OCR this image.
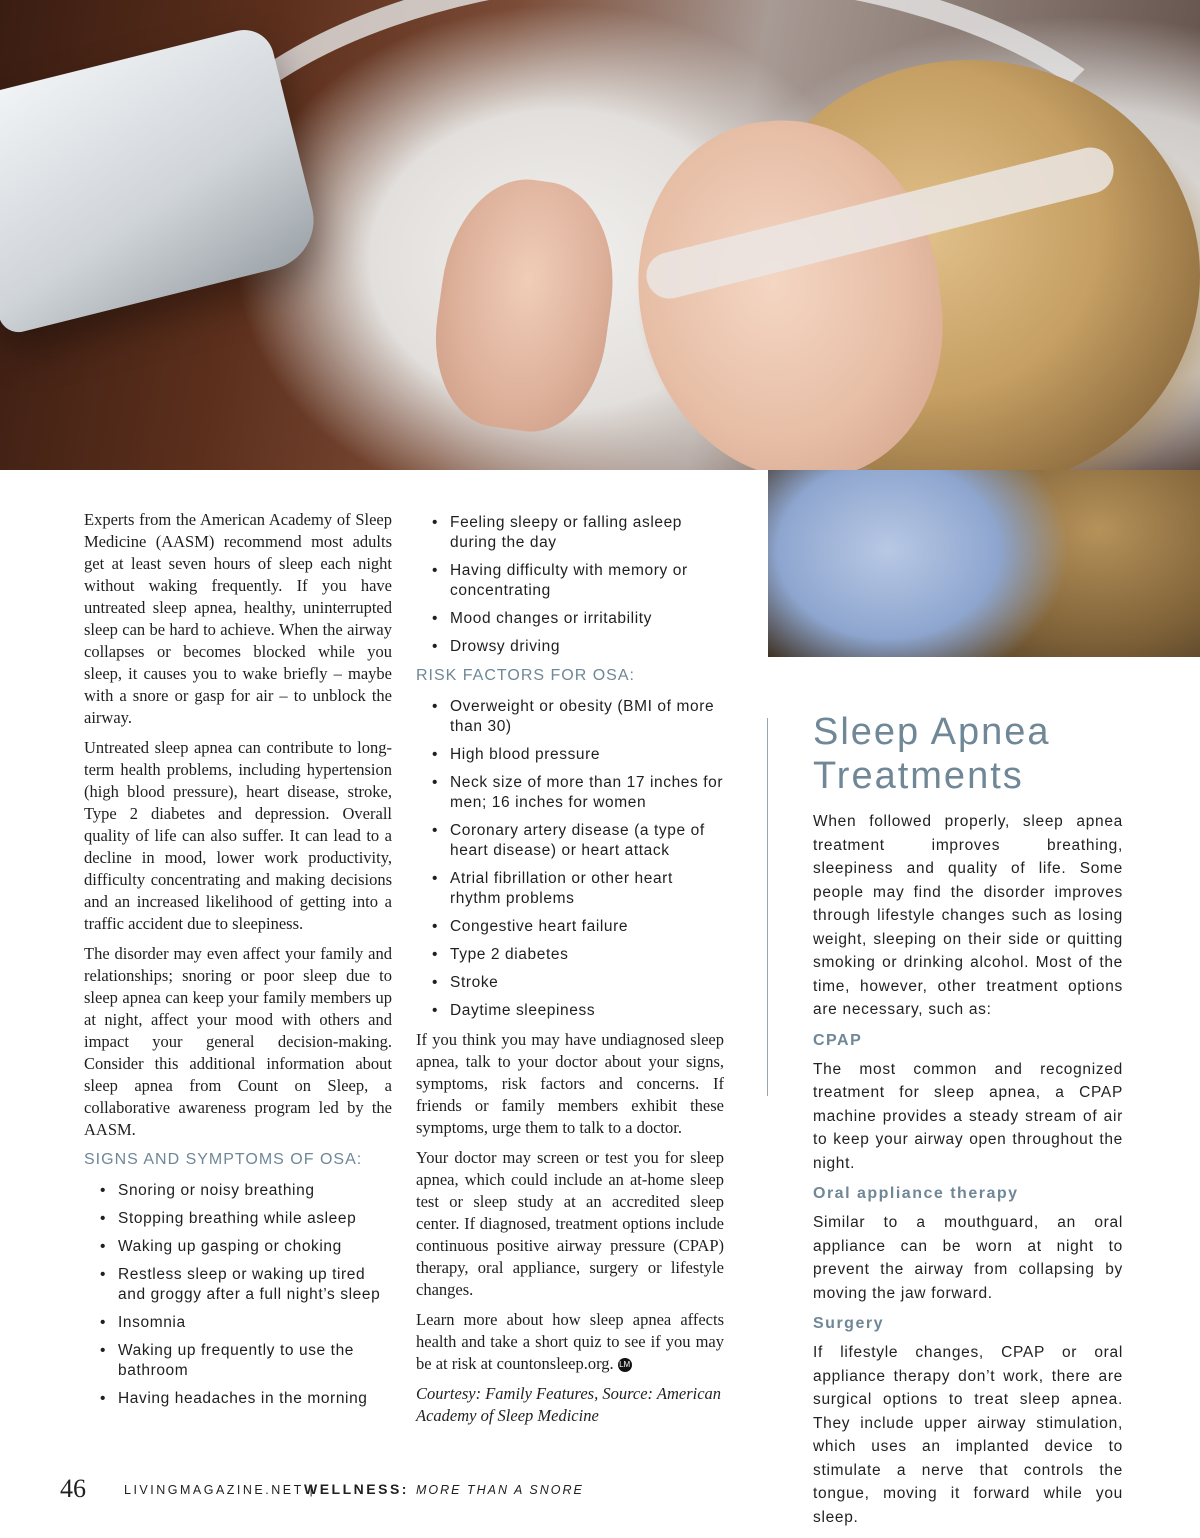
Experts from the American Academy of Sleep Medicine (AASM) recommend most adults get at least seven hours of sleep each night without waking frequently. If you have untreated sleep apnea, healthy, uninterrupted sleep can be hard to achieve. When the airway collapses or becomes blocked while you sleep, it causes you to wake briefly – maybe with a snore or gasp for air – to unblock the airway.

Untreated sleep apnea can contribute to long-term health problems, including hypertension (high blood pressure), heart disease, stroke, Type 2 diabetes and depression. Overall quality of life can also suffer. It can lead to a decline in mood, lower work productivity, difficulty concentrating and making decisions and an increased likelihood of getting into a traffic accident due to sleepiness.

The disorder may even affect your family and relationships; snoring or poor sleep due to sleep apnea can keep your family members up at night, affect your mood with others and impact your general decision-making. Consider this additional information about sleep apnea from Count on Sleep, a collaborative awareness program led by the AASM.

SIGNS AND SYMPTOMS OF OSA:
• Snoring or noisy breathing
• Stopping breathing while asleep
• Waking up gasping or choking
• Restless sleep or waking up tired and groggy after a full night’s sleep
• Insomnia
• Waking up frequently to use the bathroom
• Having headaches in the morning
• Feeling sleepy or falling asleep during the day
• Having difficulty with memory or concentrating
• Mood changes or irritability
• Drowsy driving
RISK FACTORS FOR OSA:
• Overweight or obesity (BMI of more than 30)
• High blood pressure
• Neck size of more than 17 inches for men; 16 inches for women
• Coronary artery disease (a type of heart disease) or heart attack
• Atrial fibrillation or other heart rhythm problems
• Congestive heart failure
• Type 2 diabetes
• Stroke
• Daytime sleepiness

If you think you may have undiagnosed sleep apnea, talk to your doctor about your signs, symptoms, risk factors and concerns. If friends or family members exhibit these symptoms, urge them to talk to a doctor.

Your doctor may screen or test you for sleep apnea, which could include an at-home sleep test or sleep study at an accredited sleep center. If diagnosed, treatment options include continuous positive airway pressure (CPAP) therapy, oral appliance, surgery or lifestyle changes.

Learn more about how sleep apnea affects health and take a short quiz to see if you may be at risk at countonsleep.org. LM

Courtesy: Family Features, Source: American Academy of Sleep Medicine

Sleep Apnea
Treatments

When followed properly, sleep apnea treatment improves breathing, sleepiness and quality of life. Some people may find the disorder improves through lifestyle changes such as losing weight, sleeping on their side or quitting smoking or drinking alcohol. Most of the time, however, other treatment options are necessary, such as:

CPAP

The most common and recognized treatment for sleep apnea, a CPAP machine provides a steady stream of air to keep your airway open throughout the night.

Oral appliance therapy

Similar to a mouthguard, an oral appliance can be worn at night to prevent the airway from collapsing by moving the jaw forward.

Surgery

If lifestyle changes, CPAP or oral appliance therapy don’t work, there are surgical options to treat sleep apnea. They include upper airway stimulation, which uses an implanted device to stimulate a nerve that controls the tongue, moving it forward while you sleep.

46	LIVINGMAGAZINE.NET |
WELLNESS: MORE THAN A SNORE
